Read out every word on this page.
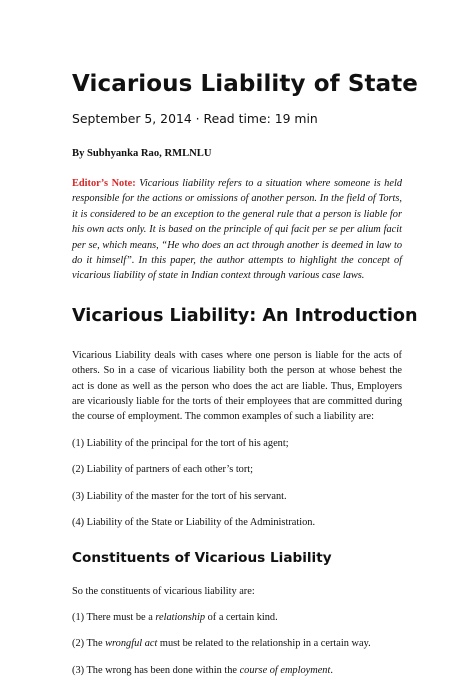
Vicarious Liability of State
September 5, 2014 · Read time: 19 min
By Subhyanka Rao, RMLNLU

Editor’s Note: Vicarious liability refers to a situation where someone is held responsible for the actions or omissions of another person. In the field of Torts, it is considered to be an exception to the general rule that a person is liable for his own acts only. It is based on the principle of qui facit per se per alium facit per se, which means, “He who does an act through another is deemed in law to do it himself”. In this paper, the author attempts to highlight the concept of vicarious liability of state in Indian context through various case laws.

Vicarious Liability: An Introduction

Vicarious Liability deals with cases where one person is liable for the acts of others. So in a case of vicarious liability both the person at whose behest the act is done as well as the person who does the act are liable. Thus, Employers are vicariously liable for the torts of their employees that are committed during the course of employment. The common examples of such a liability are:

(1) Liability of the principal for the tort of his agent;

(2) Liability of partners of each other’s tort;

(3) Liability of the master for the tort of his servant.

(4) Liability of the State or Liability of the Administration.

Constituents of Vicarious Liability

So the constituents of vicarious liability are:

(1) There must be a relationship of a certain kind.

(2) The wrongful act must be related to the relationship in a certain way.

(3) The wrong has been done within the course of employment.
